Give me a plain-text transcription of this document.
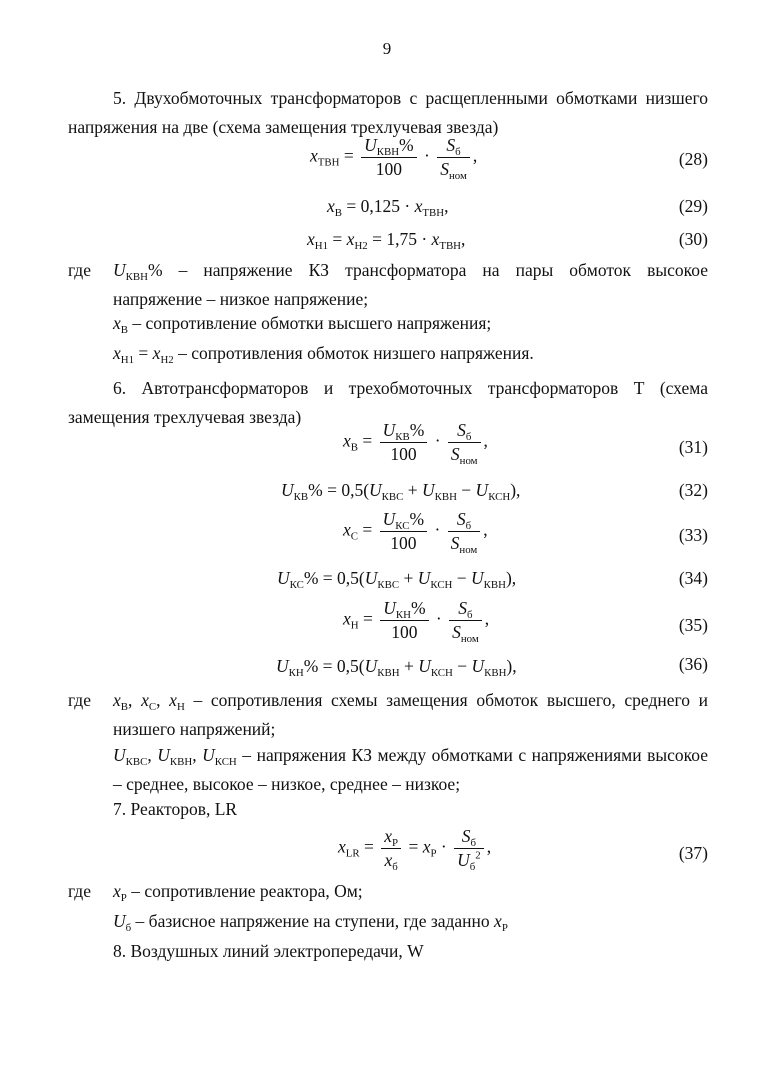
9
5. Двухобмоточных трансформаторов с расщепленными обмотками низшего напряжения на две (схема замещения трехлучевая звезда)
$x_{ТВН} = \frac{U_{КВН}\%}{100} \cdot \frac{S_б}{S_{ном}}$ ,	(28)
$x_В = 0,125 \cdot x_{ТВН}$,	(29)
$x_{Н1} = x_{Н2} = 1,75 \cdot x_{ТВН}$,	(30)
где $U_{КВН}\%$ – напряжение КЗ трансформатора на пары обмоток высокое напряжение – низкое напряжение;
$x_В$ – сопротивление обмотки высшего напряжения;
$x_{Н1} = x_{Н2}$ – сопротивления обмоток низшего напряжения.
6. Автотрансформаторов и трехобмоточных трансформаторов Т (схема замещения трехлучевая звезда)
$x_В = \frac{U_{КВ}\%}{100} \cdot \frac{S_б}{S_{ном}}$ ,	(31)
$U_{КВ}\% = 0,5(U_{КВС} + U_{КВН} - U_{КСН})$,	(32)
$x_С = \frac{U_{КС}\%}{100} \cdot \frac{S_б}{S_{ном}}$ ,	(33)
$U_{КС}\% = 0,5(U_{КВС} + U_{КСН} - U_{КВН})$,	(34)
$x_Н = \frac{U_{КН}\%}{100} \cdot \frac{S_б}{S_{ном}}$ ,	(35)
$U_{КН}\% = 0,5(U_{КВН} + U_{КСН} - U_{КВН})$,	(36)
где $x_В$, $x_С$, $x_Н$ – сопротивления схемы замещения обмоток высшего, среднего и низшего напряжений;
$U_{КВС}$, $U_{КВН}$, $U_{КСН}$ – напряжения КЗ между обмотками с напряжениями высокое – среднее, высокое – низкое, среднее – низкое;
7. Реакторов, LR
$x_{LR} = \frac{x_Р}{x_б} = x_Р \cdot \frac{S_б}{U_б^2}$ ,	(37)
где $x_Р$ – сопротивление реактора, Ом;
$U_б$ – базисное напряжение на ступени, где заданно $x_Р$
8. Воздушных линий электропередачи, W
